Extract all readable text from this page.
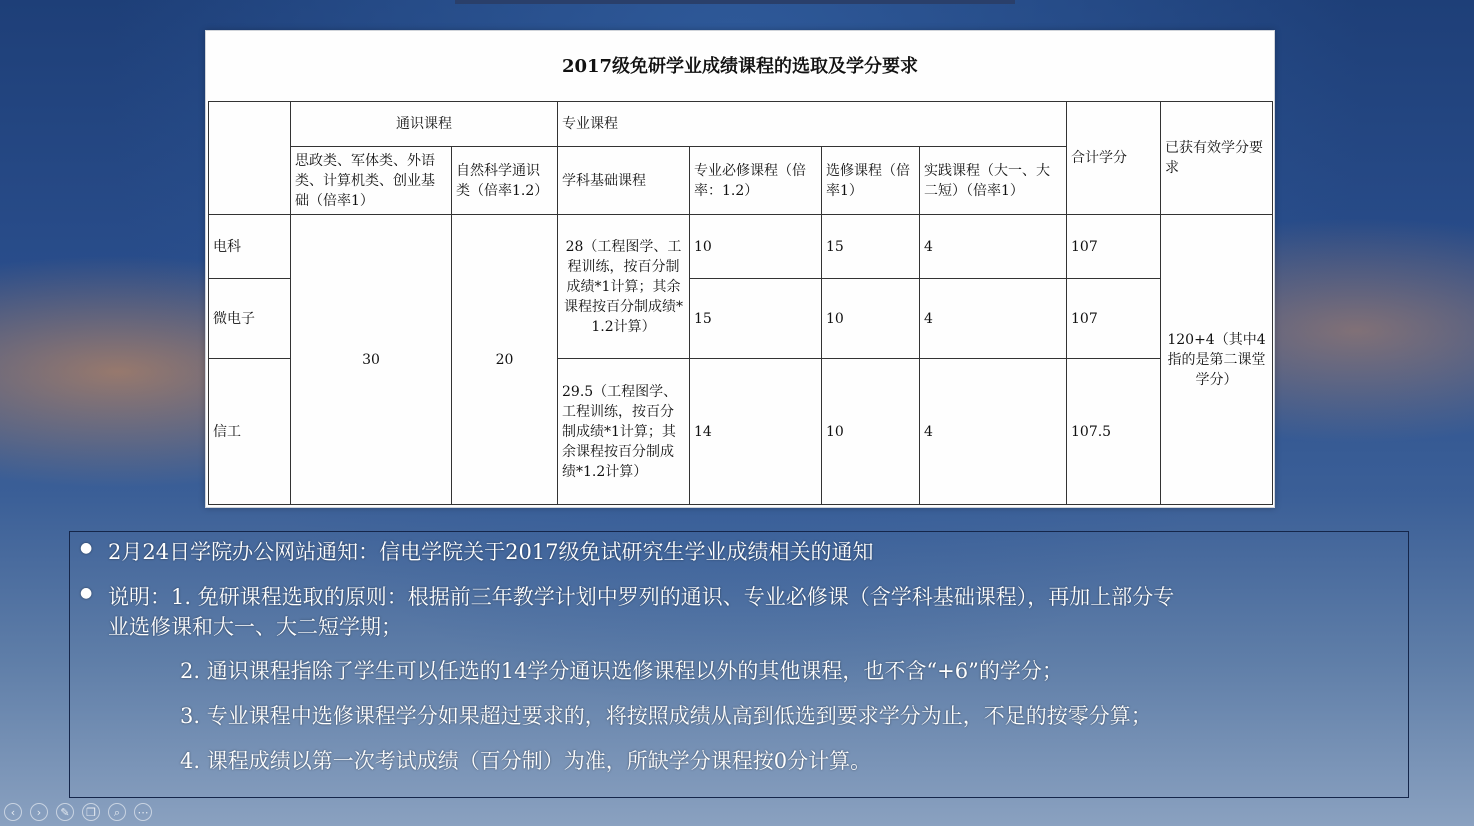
2017级免研学业成绩课程的选取及学分要求
	通识课程		专业课程				合计学分	已获有效学分要求
	思政类、军体类、外语类、计算机类、创业基础（倍率1）	自然科学通识类（倍率1.2）	学科基础课程	专业必修课程（倍率：1.2）	选修课程（倍率1）	实践课程（大一、大二短）（倍率1）		
电科	30	20	28（工程图学、工程训练，按百分制成绩*1计算；其余课程按百分制成绩*1.2计算）	10	15	4	107	120+4（其中4指的是第二课堂学分）
微电子				15	10	4	107	
信工			29.5（工程图学、工程训练，按百分制成绩*1计算；其余课程按百分制成绩*1.2计算）	14	10	4	107.5	
● 2月24日学院办公网站通知：信电学院关于2017级免试研究生学业成绩相关的通知
● 说明：1. 免研课程选取的原则：根据前三年教学计划中罗列的通识、专业必修课（含学科基础课程），再加上部分专
业选修课和大一、大二短学期；
2. 通识课程指除了学生可以任选的14学分通识选修课程以外的其他课程，也不含“+6”的学分；
3. 专业课程中选修课程学分如果超过要求的，将按照成绩从高到低选到要求学分为止，不足的按零分算；
4. 课程成绩以第一次考试成绩（百分制）为准，所缺学分课程按0分计算。
‹	›	✎	❐	⌕	⋯
